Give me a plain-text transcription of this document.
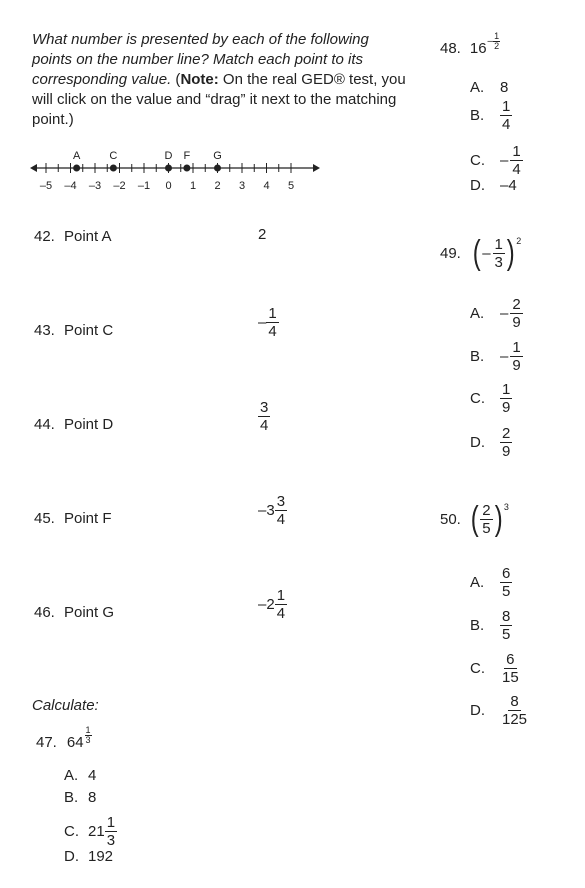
What number is presented by each of the following points on the number line? Match each point to its corresponding value. (Note: On the real GED® test, you will click on the value and “drag” it next to the matching point.)
–5 –4 –3 –2 –1 0 1 2 3 4 5
A	C	D F G
42. Point A	2
43. Point C	– $\frac{1}{4}$
44. Point D	$\frac{3}{4}$
45. Point F	– $3 \frac{3}{4}$
46. Point G	– $2 \frac{1}{4}$
Calculate:
47. $64 \frac{1}{3}$
A. 4
B. 8
C. $21 \frac{1}{3}$
D. 192
48. $16 - \frac{1}{2}$
A.	8
B.	$\frac{1}{4}$
C.	– $\frac{1}{4}$
D.	–4
49. ( – $\frac{1}{3}$ ) 2
A.	– $\frac{2}{9}$
B.	– $\frac{1}{9}$
C.	$\frac{1}{9}$
D.	$\frac{2}{9}$
50. ( $\frac{2}{5}$ ) 3
A.	$\frac{6}{5}$
B.	$\frac{8}{5}$
C.	$\frac{6}{15}$
D.	$\frac{8}{125}$
